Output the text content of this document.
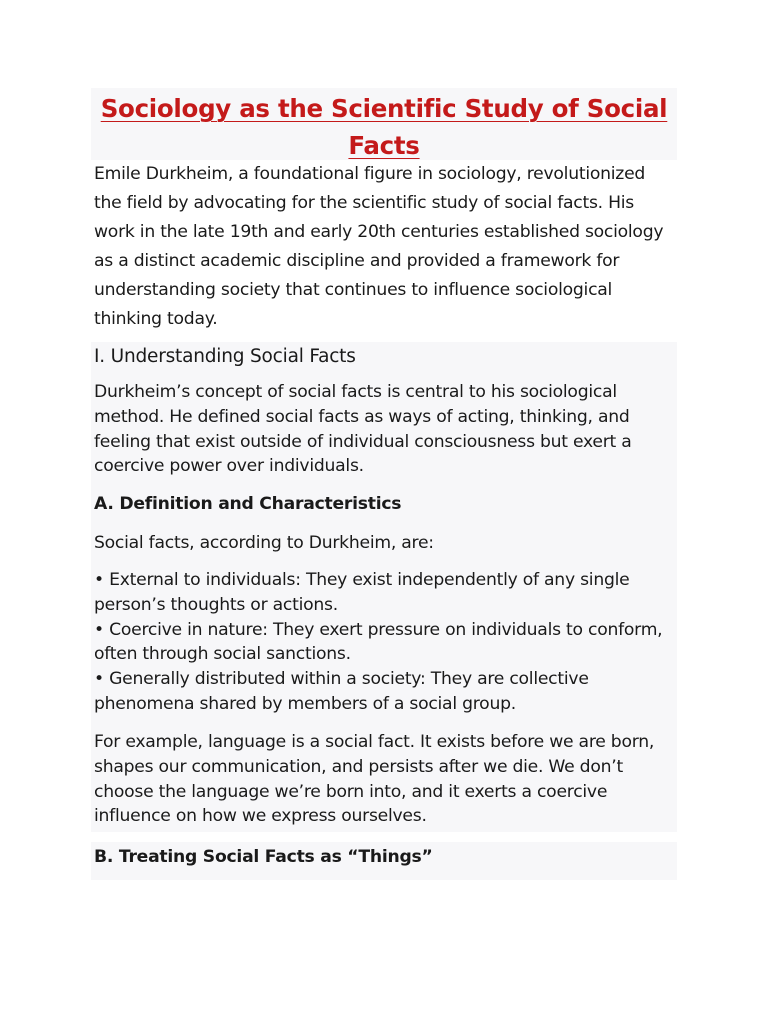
Sociology as the Scientific Study of Social Facts

Emile Durkheim, a foundational figure in sociology, revolutionized the field by advocating for the scientific study of social facts. His work in the late 19th and early 20th centuries established sociology as a distinct academic discipline and provided a framework for understanding society that continues to influence sociological thinking today.

I. Understanding Social Facts

Durkheim’s concept of social facts is central to his sociological method. He defined social facts as ways of acting, thinking, and feeling that exist outside of individual consciousness but exert a coercive power over individuals.

A. Definition and Characteristics

Social facts, according to Durkheim, are:

• External to individuals: They exist independently of any single person’s thoughts or actions.
• Coercive in nature: They exert pressure on individuals to conform, often through social sanctions.
• Generally distributed within a society: They are collective phenomena shared by members of a social group.

For example, language is a social fact. It exists before we are born, shapes our communication, and persists after we die. We don’t choose the language we’re born into, and it exerts a coercive influence on how we express ourselves.

B. Treating Social Facts as “Things”
